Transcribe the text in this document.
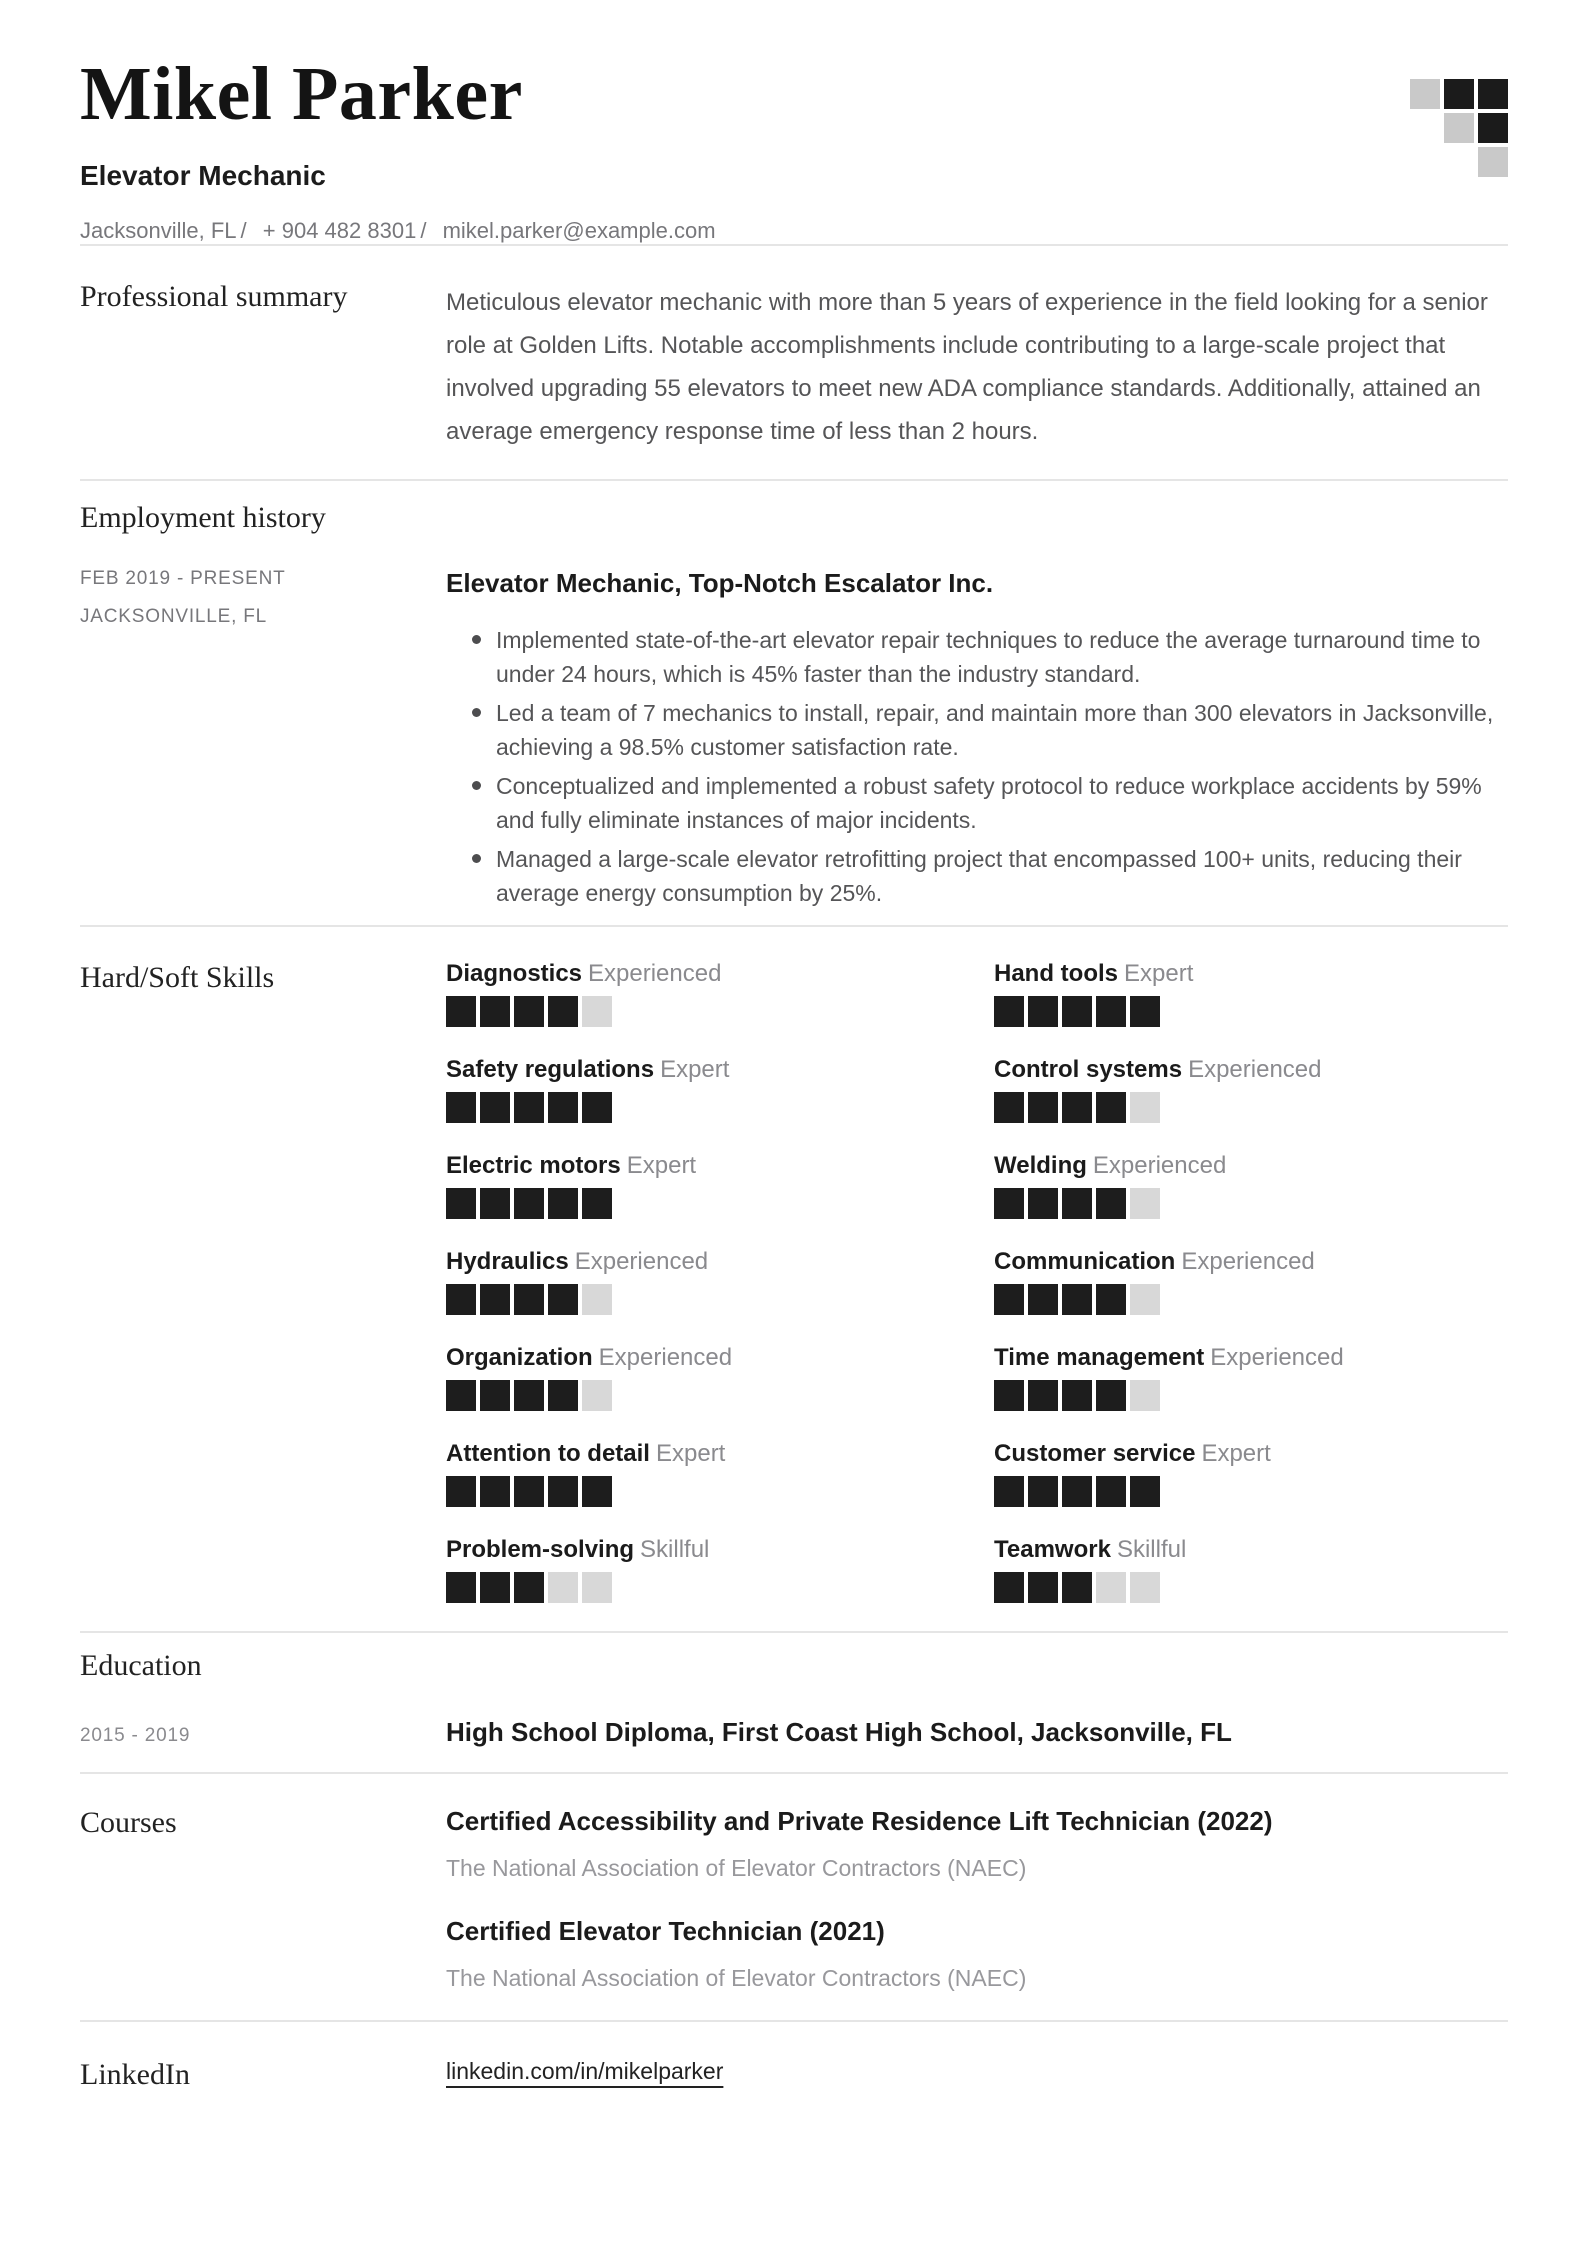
Mikel Parker
Elevator Mechanic
Jacksonville, FL / + 904 482 8301 / mikel.parker@example.com
Professional summary	Meticulous elevator mechanic with more than 5 years of experience in the field looking for a senior role at Golden Lifts. Notable accomplishments include contributing to a large-scale project that involved upgrading 55 elevators to meet new ADA compliance standards. Additionally, attained an average emergency response time of less than 2 hours.

Employment history
FEB 2019 - PRESENT
JACKSONVILLE, FL
Elevator Mechanic, Top-Notch Escalator Inc.
Implemented state-of-the-art elevator repair techniques to reduce the average turnaround time to under 24 hours, which is 45% faster than the industry standard.
Led a team of 7 mechanics to install, repair, and maintain more than 300 elevators in Jacksonville, achieving a 98.5% customer satisfaction rate.
Conceptualized and implemented a robust safety protocol to reduce workplace accidents by 59% and fully eliminate instances of major incidents.
Managed a large-scale elevator retrofitting project that encompassed 100+ units, reducing their average energy consumption by 25%.
Hard/Soft Skills	Diagnostics Experienced	Hand tools Expert
Safety regulations Expert	Control systems Experienced
Electric motors Expert	Welding Experienced
Hydraulics Experienced	Communication Experienced
Organization Experienced	Time management Experienced
Attention to detail Expert	Customer service Expert
Problem-solving Skillful	Teamwork Skillful
Education
2015 - 2019	High School Diploma, First Coast High School, Jacksonville, FL
Courses	Certified Accessibility and Private Residence Lift Technician (2022)

The National Association of Elevator Contractors (NAEC)

Certified Elevator Technician (2021)

The National Association of Elevator Contractors (NAEC)

LinkedIn	linkedin.com/in/mikelparker
